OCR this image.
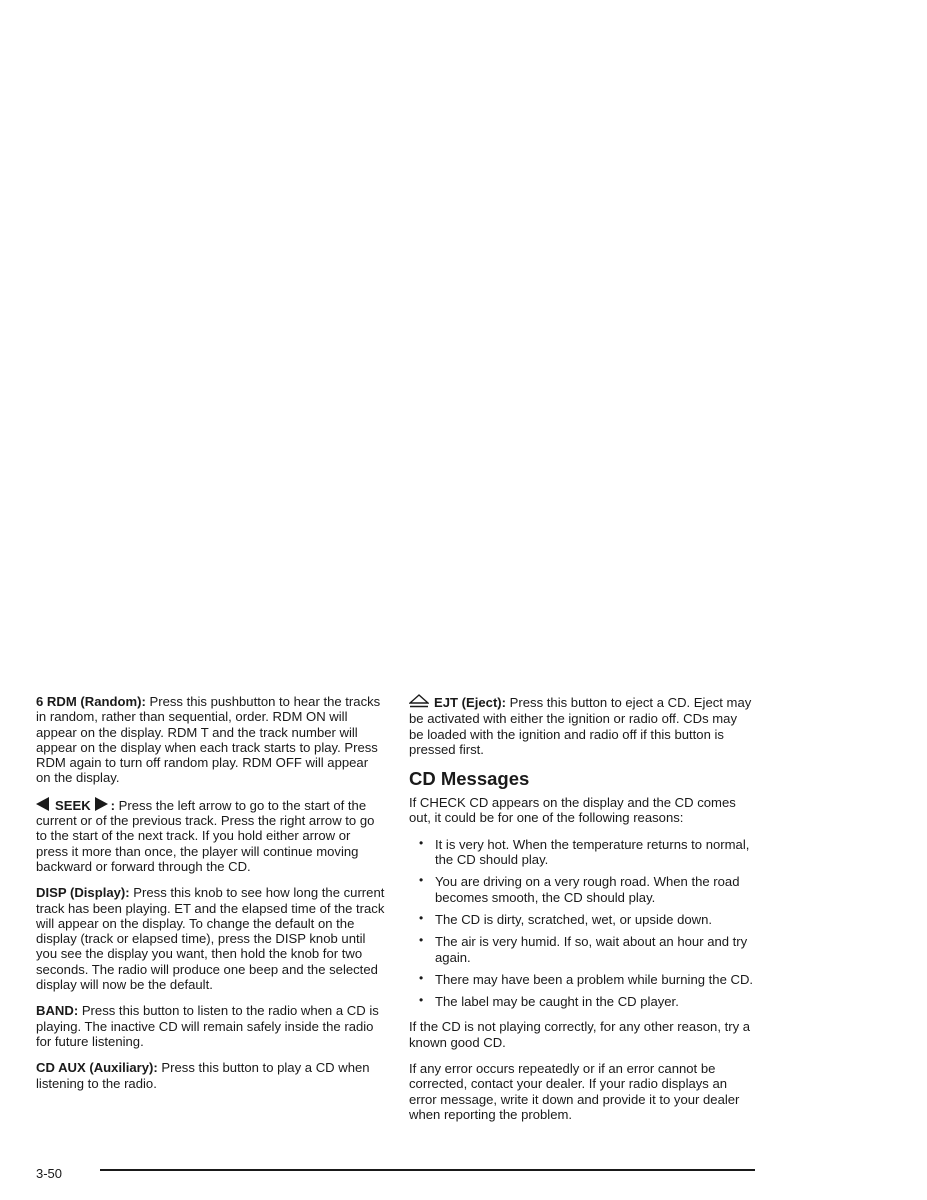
6 RDM (Random): Press this pushbutton to hear the tracks in random, rather than sequential, order. RDM ON will appear on the display. RDM T and the track number will appear on the display when each track starts to play. Press RDM again to turn off random play. RDM OFF will appear on the display.

SEEK : Press the left arrow to go to the start of the current or of the previous track. Press the right arrow to go to the start of the next track. If you hold either arrow or press it more than once, the player will continue moving backward or forward through the CD.

DISP (Display): Press this knob to see how long the current track has been playing. ET and the elapsed time of the track will appear on the display. To change the default on the display (track or elapsed time), press the DISP knob until you see the display you want, then hold the knob for two seconds. The radio will produce one beep and the selected display will now be the default.

BAND: Press this button to listen to the radio when a CD is playing. The inactive CD will remain safely inside the radio for future listening.

CD AUX (Auxiliary): Press this button to play a CD when listening to the radio.

EJT (Eject): Press this button to eject a CD. Eject may be activated with either the ignition or radio off. CDs may be loaded with the ignition and radio off if this button is pressed first.

CD Messages

If CHECK CD appears on the display and the CD comes out, it could be for one of the following reasons:

• It is very hot. When the temperature returns to normal, the CD should play.
• You are driving on a very rough road. When the road becomes smooth, the CD should play.
• The CD is dirty, scratched, wet, or upside down.
• The air is very humid. If so, wait about an hour and try again.
• There may have been a problem while burning the CD.
• The label may be caught in the CD player.

If the CD is not playing correctly, for any other reason, try a known good CD.

If any error occurs repeatedly or if an error cannot be corrected, contact your dealer. If your radio displays an error message, write it down and provide it to your dealer when reporting the problem.

3-50
